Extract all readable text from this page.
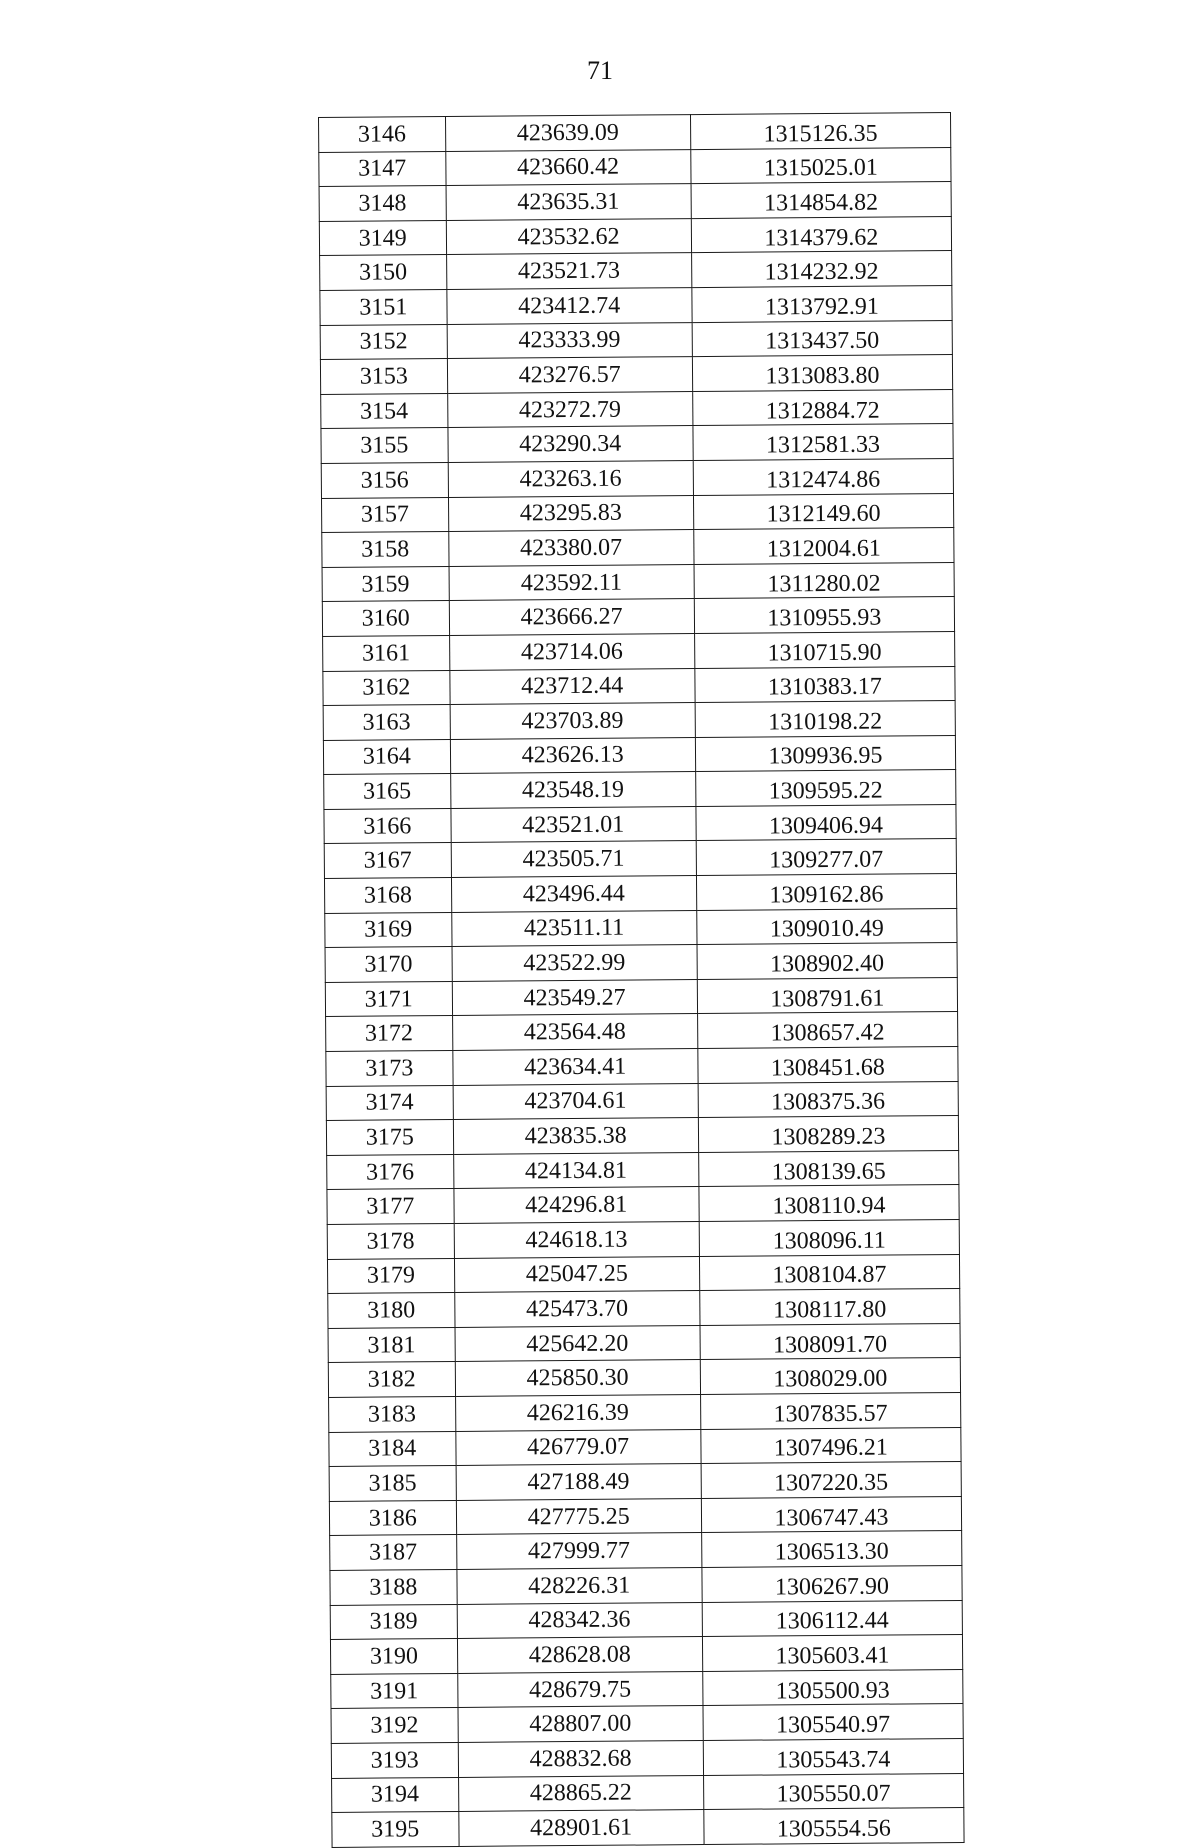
71
3146	423639.09	1315126.35
3147	423660.42	1315025.01
3148	423635.31	1314854.82
3149	423532.62	1314379.62
3150	423521.73	1314232.92
3151	423412.74	1313792.91
3152	423333.99	1313437.50
3153	423276.57	1313083.80
3154	423272.79	1312884.72
3155	423290.34	1312581.33
3156	423263.16	1312474.86
3157	423295.83	1312149.60
3158	423380.07	1312004.61
3159	423592.11	1311280.02
3160	423666.27	1310955.93
3161	423714.06	1310715.90
3162	423712.44	1310383.17
3163	423703.89	1310198.22
3164	423626.13	1309936.95
3165	423548.19	1309595.22
3166	423521.01	1309406.94
3167	423505.71	1309277.07
3168	423496.44	1309162.86
3169	423511.11	1309010.49
3170	423522.99	1308902.40
3171	423549.27	1308791.61
3172	423564.48	1308657.42
3173	423634.41	1308451.68
3174	423704.61	1308375.36
3175	423835.38	1308289.23
3176	424134.81	1308139.65
3177	424296.81	1308110.94
3178	424618.13	1308096.11
3179	425047.25	1308104.87
3180	425473.70	1308117.80
3181	425642.20	1308091.70
3182	425850.30	1308029.00
3183	426216.39	1307835.57
3184	426779.07	1307496.21
3185	427188.49	1307220.35
3186	427775.25	1306747.43
3187	427999.77	1306513.30
3188	428226.31	1306267.90
3189	428342.36	1306112.44
3190	428628.08	1305603.41
3191	428679.75	1305500.93
3192	428807.00	1305540.97
3193	428832.68	1305543.74
3194	428865.22	1305550.07
3195	428901.61	1305554.56
